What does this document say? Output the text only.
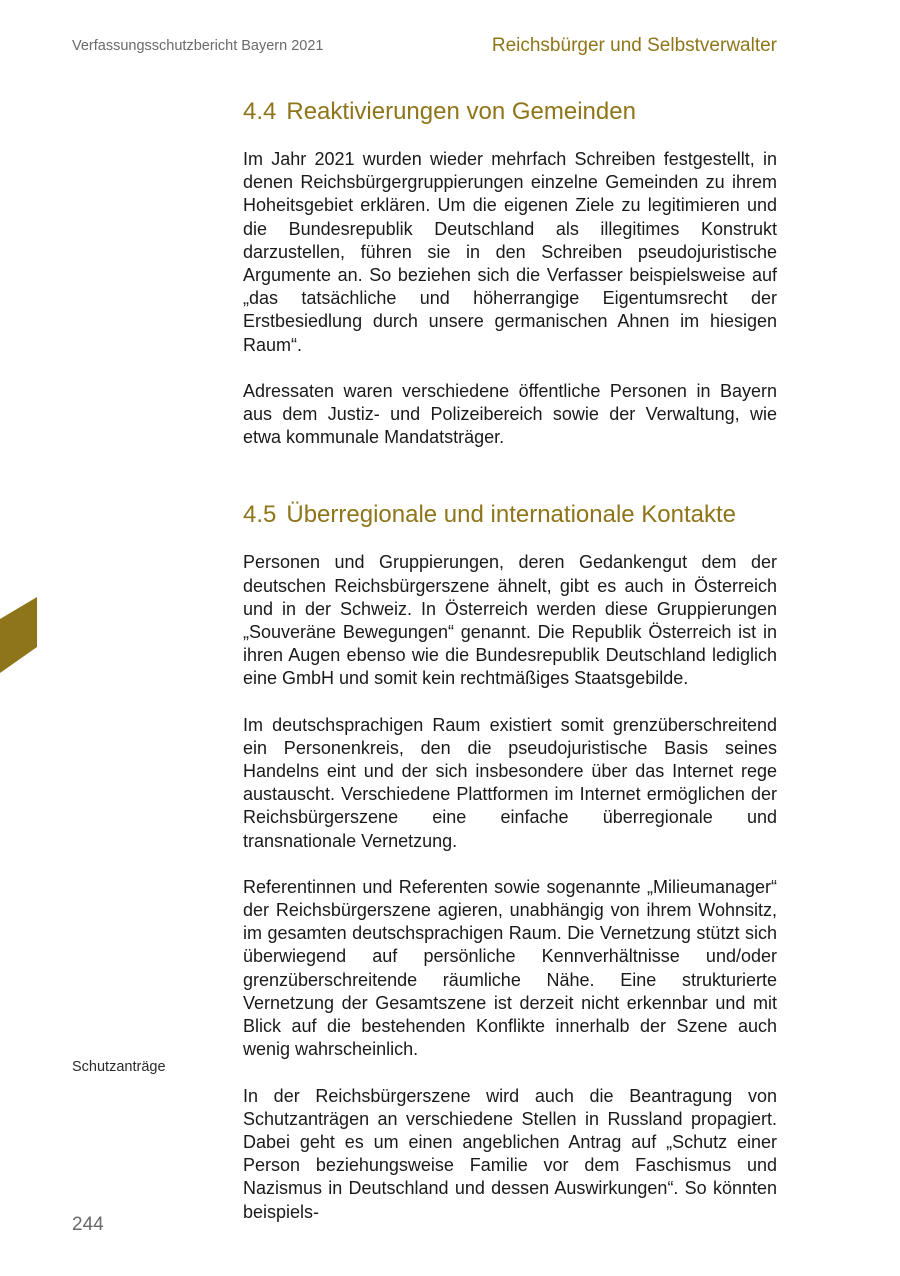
Verfassungsschutzbericht Bayern 2021	Reichsbürger und Selbstverwalter
4.4 Reaktivierungen von Gemeinden

Im Jahr 2021 wurden wieder mehrfach Schreiben festgestellt, in denen Reichsbürgergruppierungen einzelne Gemeinden zu ihrem Hoheitsgebiet erklären. Um die eigenen Ziele zu legitimieren und die Bundesrepublik Deutschland als illegitimes Konstrukt darzustellen, führen sie in den Schreiben pseudojuristische Argumente an. So beziehen sich die Verfasser beispielsweise auf „das tatsächliche und höherrangige Eigentumsrecht der Erstbesiedlung durch unsere germanischen Ahnen im hiesigen Raum“.

Adressaten waren verschiedene öffentliche Personen in Bayern aus dem Justiz- und Polizeibereich sowie der Verwaltung, wie etwa kommunale Mandatsträger.

4.5 Überregionale und internationale Kontakte

Personen und Gruppierungen, deren Gedankengut dem der deutschen Reichsbürgerszene ähnelt, gibt es auch in Österreich und in der Schweiz. In Österreich werden diese Gruppierungen „Souveräne Bewegungen“ genannt. Die Republik Österreich ist in ihren Augen ebenso wie die Bundesrepublik Deutschland lediglich eine GmbH und somit kein rechtmäßiges Staatsgebilde.

Im deutschsprachigen Raum existiert somit grenzüberschreitend ein Personenkreis, den die pseudojuristische Basis seines Handelns eint und der sich insbesondere über das Internet rege austauscht. Verschiedene Plattformen im Internet ermöglichen der Reichsbürgerszene eine einfache überregionale und transnationale Vernetzung.

Referentinnen und Referenten sowie sogenannte „Milieumanager“ der Reichsbürgerszene agieren, unabhängig von ihrem Wohnsitz, im gesamten deutschsprachigen Raum. Die Vernetzung stützt sich überwiegend auf persönliche Kennverhältnisse und/oder grenzüberschreitende räumliche Nähe. Eine strukturierte Vernetzung der Gesamtszene ist derzeit nicht erkennbar und mit Blick auf die bestehenden Konflikte innerhalb der Szene auch wenig wahrscheinlich.

In der Reichsbürgerszene wird auch die Beantragung von Schutzanträgen an verschiedene Stellen in Russland propagiert. Dabei geht es um einen angeblichen Antrag auf „Schutz einer Person beziehungsweise Familie vor dem Faschismus und Nazismus in Deutschland und dessen Auswirkungen“. So könnten beispiels-

Schutzanträge
244
